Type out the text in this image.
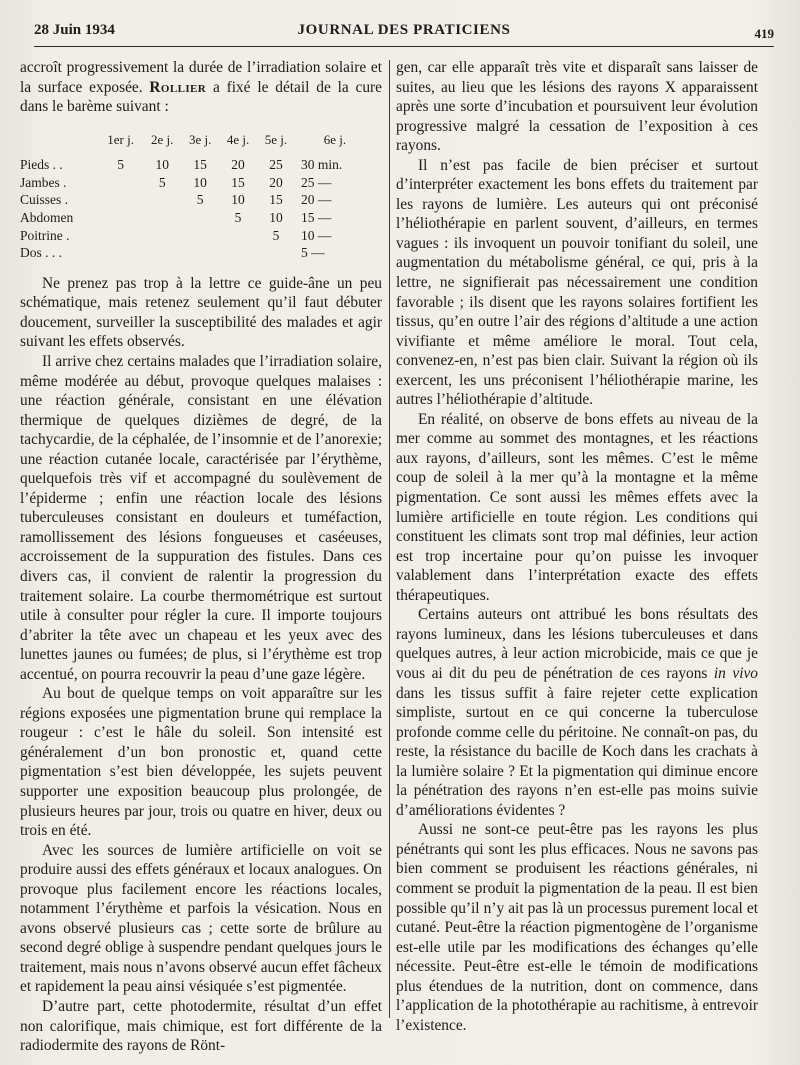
28 Juin 1934	JOURNAL DES PRATICIENS	419

accroît progressivement la durée de l’irradiation solaire et la surface exposée. Rollier a fixé le détail de la cure dans le barème suivant :

	1er j.	2e j.	3e j.	4e j.	5e j.	6e j.
Pieds . .	5	10	15	20	25	30 min.
Jambes .		5	10	15	20	25 —
Cuisses .			5	10	15	20 —
Abdomen				5	10	15 —
Poitrine .					5	10 —
Dos . . .						5 —

Ne prenez pas trop à la lettre ce guide-âne un peu schématique, mais retenez seulement qu’il faut débuter doucement, surveiller la susceptibilité des malades et agir suivant les effets observés.

Il arrive chez certains malades que l’irradiation solaire, même modérée au début, provoque quelques malaises : une réaction générale, consistant en une élévation thermique de quelques dizièmes de degré, de la tachycardie, de la céphalée, de l’insomnie et de l’anorexie; une réaction cutanée locale, caractérisée par l’érythème, quelquefois très vif et accompagné du soulèvement de l’épiderme ; enfin une réaction locale des lésions tuberculeuses consistant en douleurs et tuméfaction, ramollissement des lésions fongueuses et caséeuses, accroissement de la suppuration des fistules. Dans ces divers cas, il convient de ralentir la progression du traitement solaire. La courbe thermométrique est surtout utile à consulter pour régler la cure. Il importe toujours d’abriter la tête avec un chapeau et les yeux avec des lunettes jaunes ou fumées; de plus, si l’érythème est trop accentué, on pourra recouvrir la peau d’une gaze légère.

Au bout de quelque temps on voit apparaître sur les régions exposées une pigmentation brune qui remplace la rougeur : c’est le hâle du soleil. Son intensité est généralement d’un bon pronostic et, quand cette pigmentation s’est bien développée, les sujets peuvent supporter une exposition beaucoup plus prolongée, de plusieurs heures par jour, trois ou quatre en hiver, deux ou trois en été.

Avec les sources de lumière artificielle on voit se produire aussi des effets généraux et locaux analogues. On provoque plus facilement encore les réactions locales, notamment l’érythème et parfois la vésication. Nous en avons observé plusieurs cas ; cette sorte de brûlure au second degré oblige à suspendre pendant quelques jours le traitement, mais nous n’avons observé aucun effet fâcheux et rapidement la peau ainsi vésiquée s’est pigmentée.

D’autre part, cette photodermite, résultat d’un effet non calorifique, mais chimique, est fort différente de la radiodermite des rayons de Rönt-

gen, car elle apparaît très vite et disparaît sans laisser de suites, au lieu que les lésions des rayons X apparaissent après une sorte d’incubation et poursuivent leur évolution progressive malgré la cessation de l’exposition à ces rayons.

Il n’est pas facile de bien préciser et surtout d’interpréter exactement les bons effets du traitement par les rayons de lumière. Les auteurs qui ont préconisé l’héliothérapie en parlent souvent, d’ailleurs, en termes vagues : ils invoquent un pouvoir tonifiant du soleil, une augmentation du métabolisme général, ce qui, pris à la lettre, ne signifierait pas nécessairement une condition favorable ; ils disent que les rayons solaires fortifient les tissus, qu’en outre l’air des régions d’altitude a une action vivifiante et même améliore le moral. Tout cela, convenez-en, n’est pas bien clair. Suivant la région où ils exercent, les uns préconisent l’héliothérapie marine, les autres l’héliothérapie d’altitude.

En réalité, on observe de bons effets au niveau de la mer comme au sommet des montagnes, et les réactions aux rayons, d’ailleurs, sont les mêmes. C’est le même coup de soleil à la mer qu’à la montagne et la même pigmentation. Ce sont aussi les mêmes effets avec la lumière artificielle en toute région. Les conditions qui constituent les climats sont trop mal définies, leur action est trop incertaine pour qu’on puisse les invoquer valablement dans l’interprétation exacte des effets thérapeutiques.

Certains auteurs ont attribué les bons résultats des rayons lumineux, dans les lésions tuberculeuses et dans quelques autres, à leur action microbicide, mais ce que je vous ai dit du peu de pénétration de ces rayons in vivo dans les tissus suffit à faire rejeter cette explication simpliste, surtout en ce qui concerne la tuberculose profonde comme celle du péritoine. Ne connaît-on pas, du reste, la résistance du bacille de Koch dans les crachats à la lumière solaire ? Et la pigmentation qui diminue encore la pénétration des rayons n’en est-elle pas moins suivie d’améliorations évidentes ?

Aussi ne sont-ce peut-être pas les rayons les plus pénétrants qui sont les plus efficaces. Nous ne savons pas bien comment se produisent les réactions générales, ni comment se produit la pigmentation de la peau. Il est bien possible qu’il n’y ait pas là un processus purement local et cutané. Peut-être la réaction pigmentogène de l’organisme est-elle utile par les modifications des échanges qu’elle nécessite. Peut-être est-elle le témoin de modifications plus étendues de la nutrition, dont on commence, dans l’application de la photothérapie au rachitisme, à entrevoir l’existence.
